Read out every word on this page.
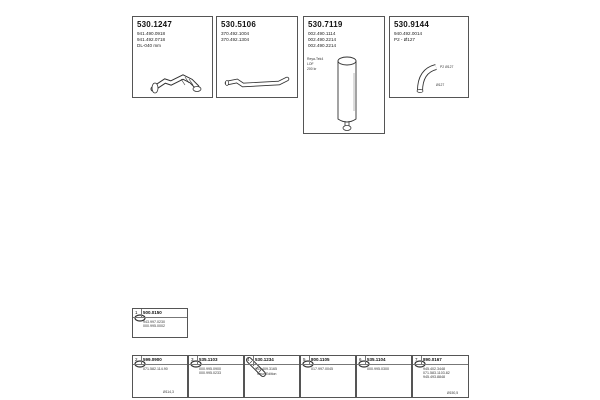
530.1247
941.490.0918
941.492.0718
DL-040 mm
530.5106
370.492.1004
370.492.1304
530.7119
002.490.1114
002.490.2214
002.490.2214
Reya-Tek4
LOF
200 kr
530.9144
940.492.0014
P2 - Ø127
P2 Ø127
Ø127
1 500.0150
943.997.0230
000.995.0002
2 599.0900
071.582.114.90
Ø114,3
3 535.1103
000.995.0900
000.995.0233
4 530.1234
941.409.3165
Neue Edition
5 800.1105
017.997.0045
6 535.1104
000.995.0300
7 890.0167
945.402.3448
071.583.1103.82
945.493.8848
Ø150,5
